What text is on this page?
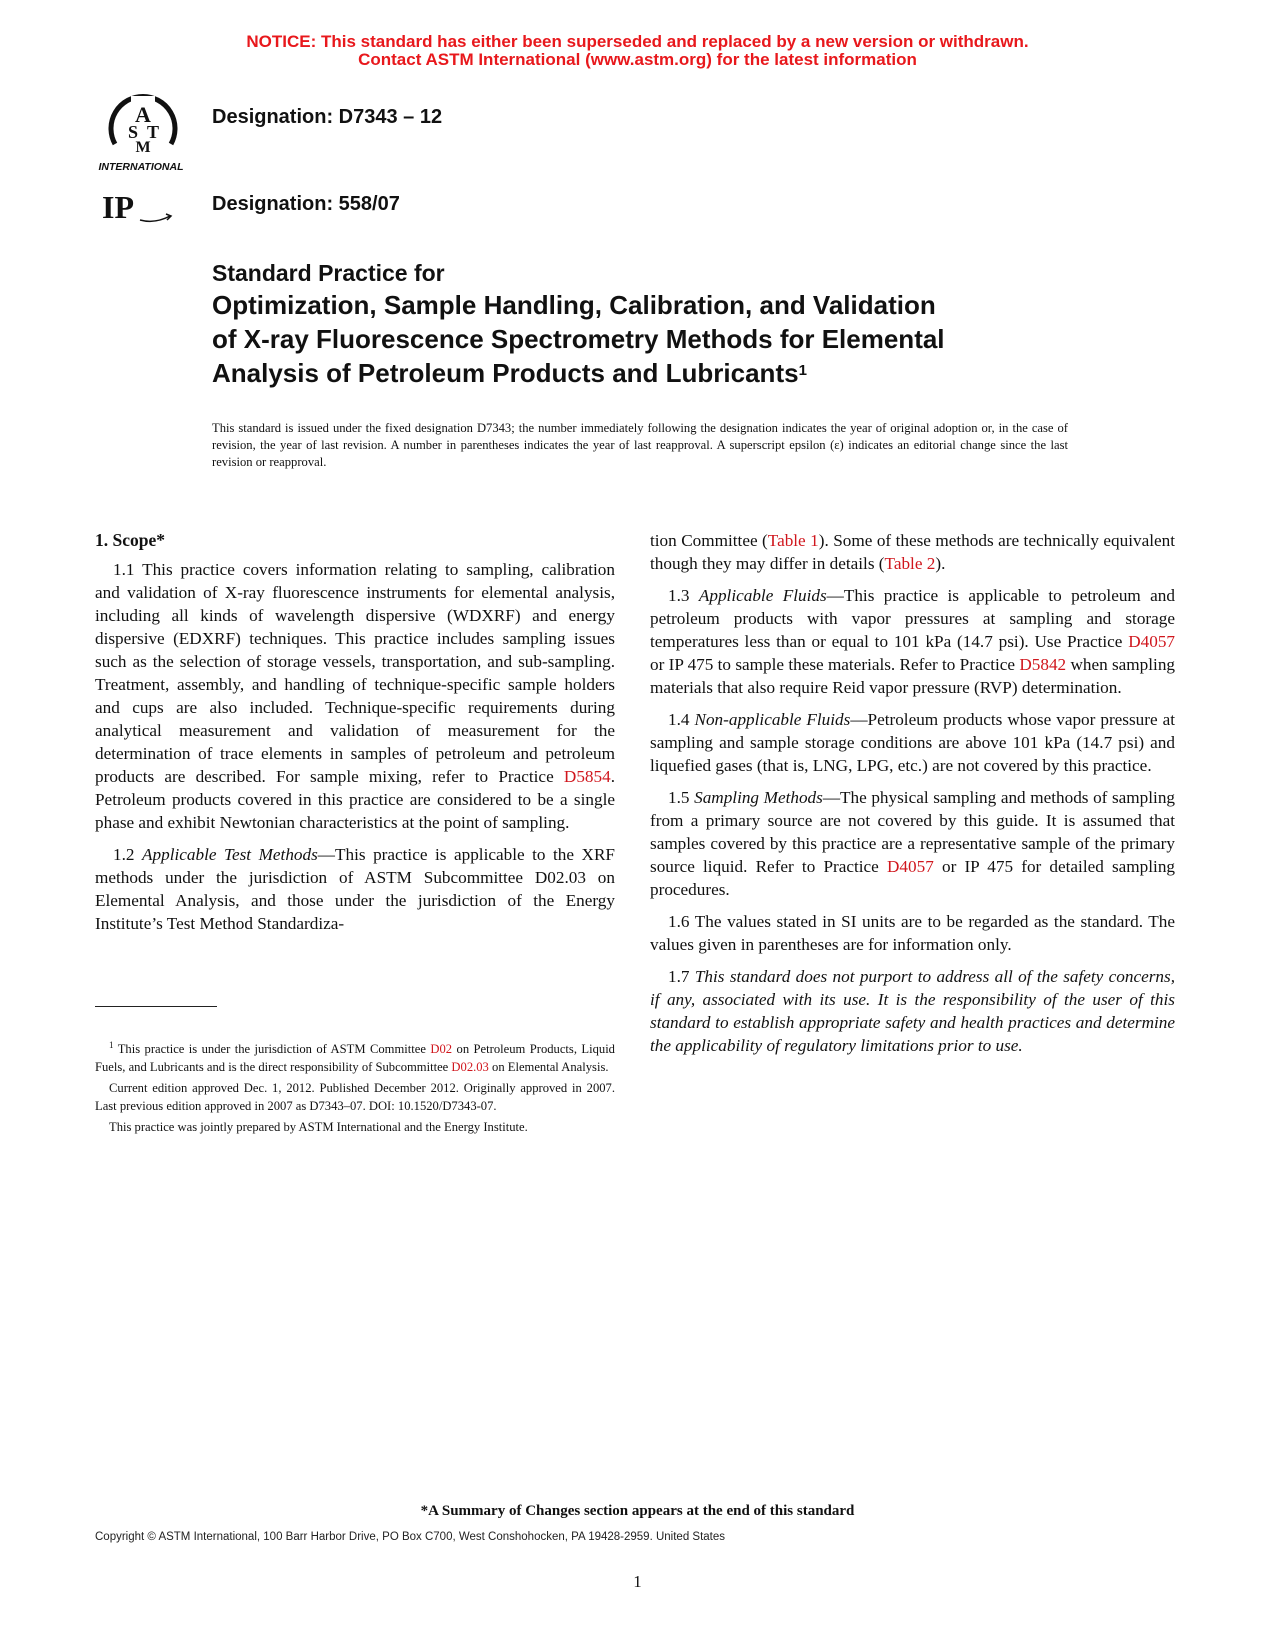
NOTICE: This standard has either been superseded and replaced by a new version or withdrawn.
Contact ASTM International (www.astm.org) for the latest information
A
S T
M
INTERNATIONAL
Designation: D7343 – 12
IP	Designation: 558/07
Standard Practice for
Optimization, Sample Handling, Calibration, and Validation
of X-ray Fluorescence Spectrometry Methods for Elemental
Analysis of Petroleum Products and Lubricants$^1$
This standard is issued under the fixed designation D7343; the number immediately following the designation indicates the year of original adoption or, in the case of revision, the year of last revision. A number in parentheses indicates the year of last reapproval. A superscript epsilon (ε) indicates an editorial change since the last revision or reapproval.
1. Scope*

1.1 This practice covers information relating to sampling, calibration and validation of X-ray fluorescence instruments for elemental analysis, including all kinds of wavelength dispersive (WDXRF) and energy dispersive (EDXRF) techniques. This practice includes sampling issues such as the selection of storage vessels, transportation, and sub-sampling. Treatment, assembly, and handling of technique-specific sample holders and cups are also included. Technique-specific requirements during analytical measurement and validation of measurement for the determination of trace elements in samples of petroleum and petroleum products are described. For sample mixing, refer to Practice D5854. Petroleum products covered in this practice are considered to be a single phase and exhibit Newtonian characteristics at the point of sampling.

1.2 Applicable Test Methods—This practice is applicable to the XRF methods under the jurisdiction of ASTM Subcommittee D02.03 on Elemental Analysis, and those under the jurisdiction of the Energy Institute’s Test Method Standardiza-

$^1$ This practice is under the jurisdiction of ASTM Committee D02 on Petroleum Products, Liquid Fuels, and Lubricants and is the direct responsibility of Subcommittee D02.03 on Elemental Analysis.

Current edition approved Dec. 1, 2012. Published December 2012. Originally approved in 2007. Last previous edition approved in 2007 as D7343–07. DOI: 10.1520/D7343-07.

This practice was jointly prepared by ASTM International and the Energy Institute.

tion Committee (Table 1). Some of these methods are technically equivalent though they may differ in details (Table 2).

1.3 Applicable Fluids—This practice is applicable to petroleum and petroleum products with vapor pressures at sampling and storage temperatures less than or equal to 101 kPa (14.7 psi). Use Practice D4057 or IP 475 to sample these materials. Refer to Practice D5842 when sampling materials that also require Reid vapor pressure (RVP) determination.

1.4 Non-applicable Fluids—Petroleum products whose vapor pressure at sampling and sample storage conditions are above 101 kPa (14.7 psi) and liquefied gases (that is, LNG, LPG, etc.) are not covered by this practice.

1.5 Sampling Methods—The physical sampling and methods of sampling from a primary source are not covered by this guide. It is assumed that samples covered by this practice are a representative sample of the primary source liquid. Refer to Practice D4057 or IP 475 for detailed sampling procedures.

1.6 The values stated in SI units are to be regarded as the standard. The values given in parentheses are for information only.

1.7 This standard does not purport to address all of the safety concerns, if any, associated with its use. It is the responsibility of the user of this standard to establish appropriate safety and health practices and determine the applicability of regulatory limitations prior to use.

*A Summary of Changes section appears at the end of this standard
Copyright © ASTM International, 100 Barr Harbor Drive, PO Box C700, West Conshohocken, PA 19428-2959. United States
1
